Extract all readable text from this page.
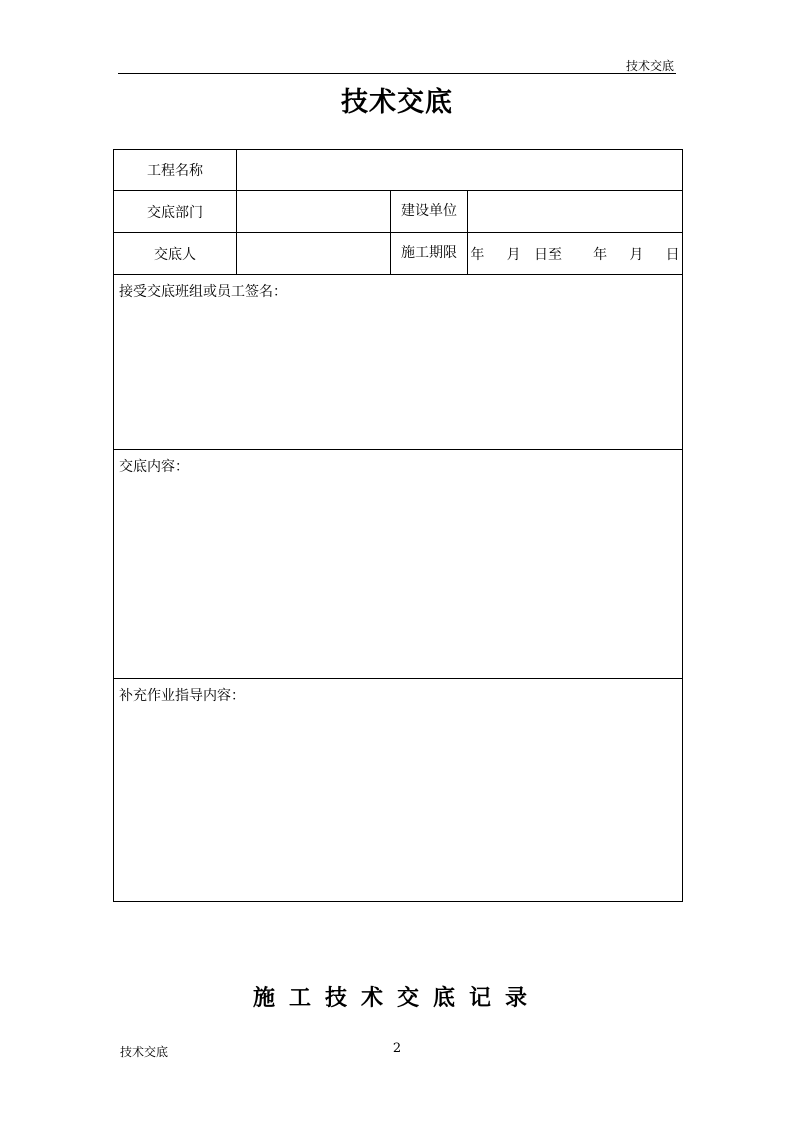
技术交底
技术交底
工程名称			
交底部门		建设单位	
交底人		施工期限	年     月   日至       年     月     日
接受交底班组或员工签名：			
交底内容：			
补充作业指导内容：			
施工技术交底记录
技术交底	2
